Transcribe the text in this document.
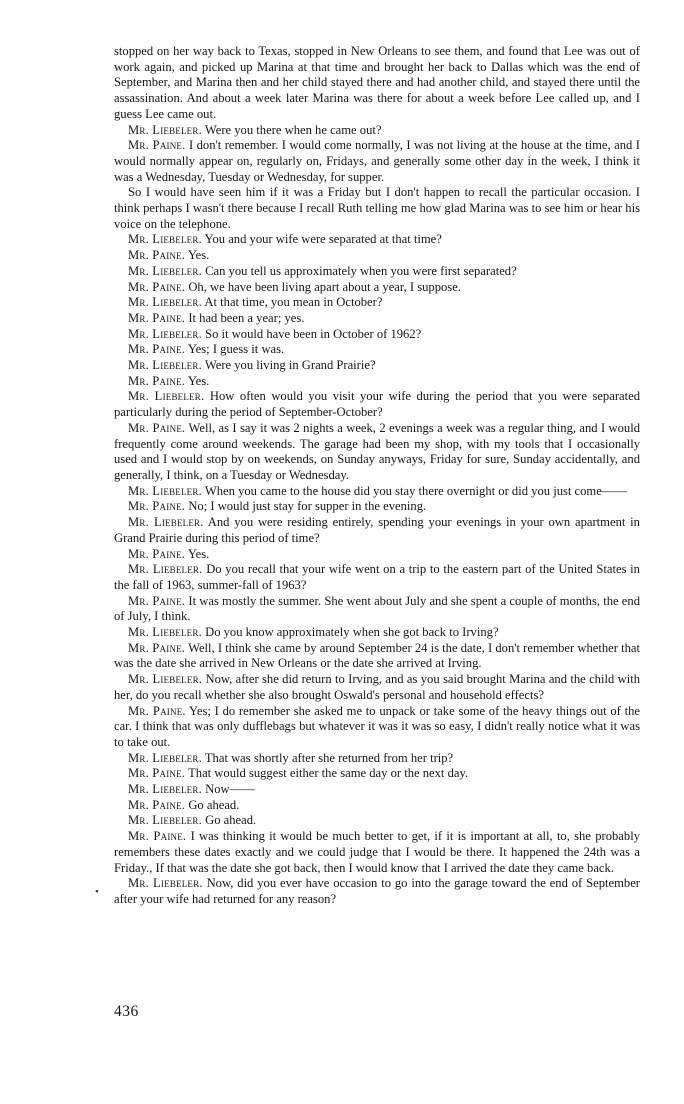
stopped on her way back to Texas, stopped in New Orleans to see them, and found that Lee was out of work again, and picked up Marina at that time and brought her back to Dallas which was the end of September, and Marina then and her child stayed there and had another child, and stayed there until the assassination. And about a week later Marina was there for about a week before Lee called up, and I guess Lee came out.

Mr. Liebeler. Were you there when he came out?

Mr. Paine. I don't remember. I would come normally, I was not living at the house at the time, and I would normally appear on, regularly on, Fridays, and generally some other day in the week, I think it was a Wednesday, Tuesday or Wednesday, for supper.

So I would have seen him if it was a Friday but I don't happen to recall the particular occasion. I think perhaps I wasn't there because I recall Ruth telling me how glad Marina was to see him or hear his voice on the telephone.

Mr. Liebeler. You and your wife were separated at that time?

Mr. Paine. Yes.

Mr. Liebeler. Can you tell us approximately when you were first separated?

Mr. Paine. Oh, we have been living apart about a year, I suppose.

Mr. Liebeler. At that time, you mean in October?

Mr. Paine. It had been a year; yes.

Mr. Liebeler. So it would have been in October of 1962?

Mr. Paine. Yes; I guess it was.

Mr. Liebeler. Were you living in Grand Prairie?

Mr. Paine. Yes.

Mr. Liebeler. How often would you visit your wife during the period that you were separated particularly during the period of September-October?

Mr. Paine. Well, as I say it was 2 nights a week, 2 evenings a week was a regular thing, and I would frequently come around weekends. The garage had been my shop, with my tools that I occasionally used and I would stop by on weekends, on Sunday anyways, Friday for sure, Sunday accidentally, and generally, I think, on a Tuesday or Wednesday.

Mr. Liebeler. When you came to the house did you stay there overnight or did you just come——

Mr. Paine. No; I would just stay for supper in the evening.

Mr. Liebeler. And you were residing entirely, spending your evenings in your own apartment in Grand Prairie during this period of time?

Mr. Paine. Yes.

Mr. Liebeler. Do you recall that your wife went on a trip to the eastern part of the United States in the fall of 1963, summer-fall of 1963?

Mr. Paine. It was mostly the summer. She went about July and she spent a couple of months, the end of July, I think.

Mr. Liebeler. Do you know approximately when she got back to Irving?

Mr. Paine. Well, I think she came by around September 24 is the date, I don't remember whether that was the date she arrived in New Orleans or the date she arrived at Irving.

Mr. Liebeler. Now, after she did return to Irving, and as you said brought Marina and the child with her, do you recall whether she also brought Oswald's personal and household effects?

Mr. Paine. Yes; I do remember she asked me to unpack or take some of the heavy things out of the car. I think that was only dufflebags but whatever it was it was so easy, I didn't really notice what it was to take out.

Mr. Liebeler. That was shortly after she returned from her trip?

Mr. Paine. That would suggest either the same day or the next day.

Mr. Liebeler. Now——

Mr. Paine. Go ahead.

Mr. Liebeler. Go ahead.

Mr. Paine. I was thinking it would be much better to get, if it is important at all, to, she probably remembers these dates exactly and we could judge that I would be there. It happened the 24th was a Friday., If that was the date she got back, then I would know that I arrived the date they came back.

Mr. Liebeler. Now, did you ever have occasion to go into the garage toward the end of September after your wife had returned for any reason?

•
436
